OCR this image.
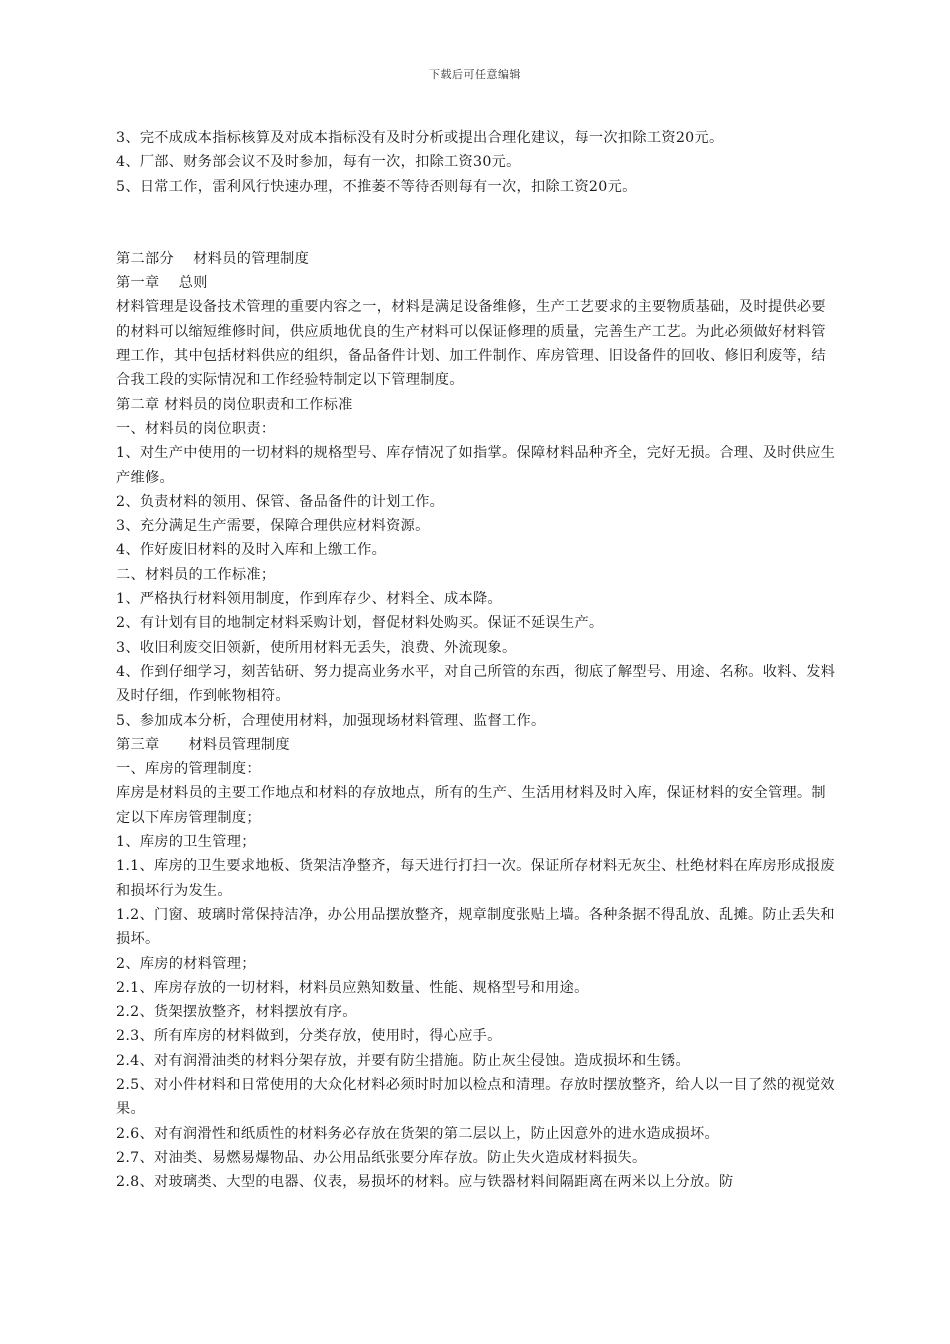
下载后可任意编辑

3、完不成成本指标核算及对成本指标没有及时分析或提出合理化建议，每一次扣除工资20元。

4、厂部、财务部会议不及时参加，每有一次，扣除工资30元。

5、日常工作，雷利风行快速办理，不推萎不等待否则每有一次，扣除工资20元。

第二部分　 材料员的管理制度

第一章　 总则

材料管理是设备技术管理的重要内容之一，材料是满足设备维修，生产工艺要求的主要物质基础，及时提供必要的材料可以缩短维修时间，供应质地优良的生产材料可以保证修理的质量，完善生产工艺。为此必须做好材料管理工作，其中包括材料供应的组织，备品备件计划、加工件制作、库房管理、旧设备件的回收、修旧利废等，结合我工段的实际情况和工作经验特制定以下管理制度。

第二章 材料员的岗位职责和工作标准

一、材料员的岗位职责：

1、对生产中使用的一切材料的规格型号、库存情况了如指掌。保障材料品种齐全，完好无损。合理、及时供应生产维修。

2、负责材料的领用、保管、备品备件的计划工作。

3、充分满足生产需要，保障合理供应材料资源。

4、作好废旧材料的及时入库和上缴工作。

二、材料员的工作标准；

1、严格执行材料领用制度，作到库存少、材料全、成本降。

2、有计划有目的地制定材料采购计划，督促材料处购买。保证不延误生产。

3、收旧利废交旧领新，使所用材料无丢失，浪费、外流现象。

4、作到仔细学习，刻苦钻研、努力提高业务水平，对自己所管的东西，彻底了解型号、用途、名称。收料、发料及时仔细，作到帐物相符。

5、参加成本分析，合理使用材料，加强现场材料管理、监督工作。

第三章　　材料员管理制度

一、库房的管理制度：

库房是材料员的主要工作地点和材料的存放地点，所有的生产、生活用材料及时入库，保证材料的安全管理。制定以下库房管理制度；

1、库房的卫生管理；

1.1、库房的卫生要求地板、货架洁净整齐，每天进行打扫一次。保证所存材料无灰尘、杜绝材料在库房形成报废和损坏行为发生。

1.2、门窗、玻璃时常保持洁净，办公用品摆放整齐，规章制度张贴上墙。各种条据不得乱放、乱摊。防止丢失和损坏。

2、库房的材料管理；

2.1、库房存放的一切材料，材料员应熟知数量、性能、规格型号和用途。

2.2、货架摆放整齐，材料摆放有序。

2.3、所有库房的材料做到，分类存放，使用时，得心应手。

2.4、对有润滑油类的材料分架存放，并要有防尘措施。防止灰尘侵蚀。造成损坏和生锈。

2.5、对小件材料和日常使用的大众化材料必须时时加以检点和清理。存放时摆放整齐，给人以一目了然的视觉效果。

2.6、对有润滑性和纸质性的材料务必存放在货架的第二层以上，防止因意外的进水造成损坏。

2.7、对油类、易燃易爆物品、办公用品纸张要分库存放。防止失火造成材料损失。

2.8、对玻璃类、大型的电器、仪表，易损坏的材料。应与铁器材料间隔距离在两米以上分放。防
